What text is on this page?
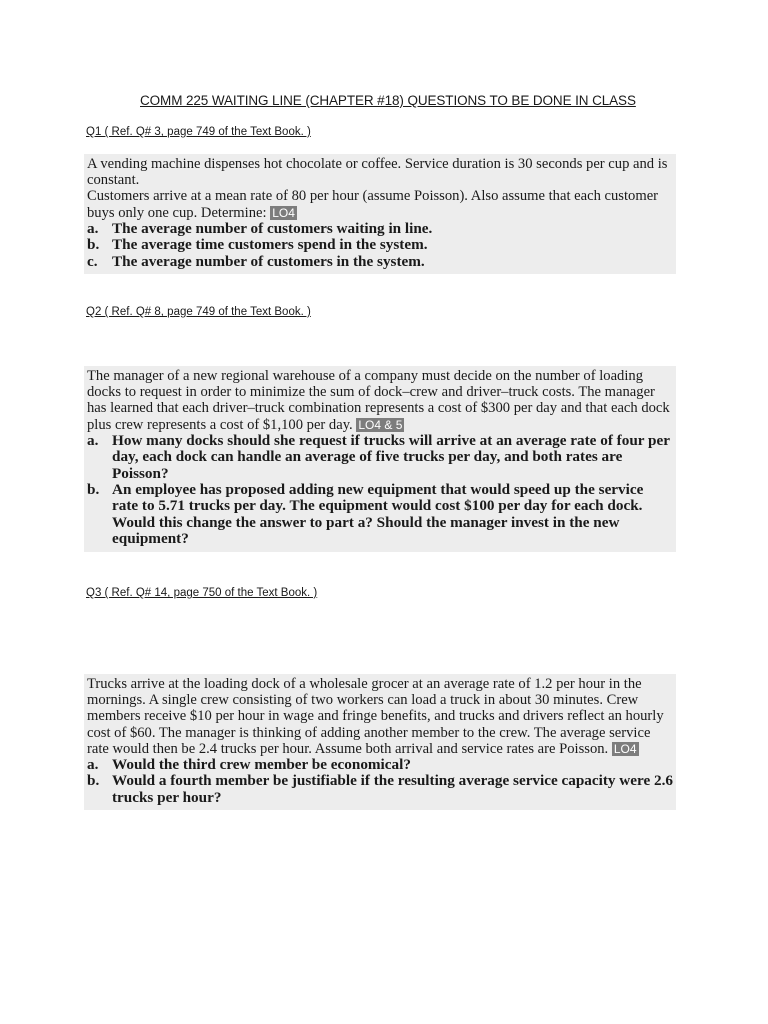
COMM 225 WAITING LINE (CHAPTER #18) QUESTIONS TO BE DONE IN CLASS
Q1 ( Ref. Q# 3, page 749 of the Text Book. )

A vending machine dispenses hot chocolate or coffee. Service duration is 30 seconds per cup and is constant.

Customers arrive at a mean rate of 80 per hour (assume Poisson). Also assume that each customer buys only one cup. Determine: LO4

a. The average number of customers waiting in line.
b. The average time customers spend in the system.
c. The average number of customers in the system.
Q2 ( Ref. Q# 8, page 749 of the Text Book. )

The manager of a new regional warehouse of a company must decide on the number of loading docks to request in order to minimize the sum of dock–crew and driver–truck costs. The manager has learned that each driver–truck combination represents a cost of $300 per day and that each dock plus crew represents a cost of $1,100 per day. LO4 & 5

a. How many docks should she request if trucks will arrive at an average rate of four per day, each dock can handle an average of five trucks per day, and both rates are Poisson?
b. An employee has proposed adding new equipment that would speed up the service rate to 5.71 trucks per day. The equipment would cost $100 per day for each dock. Would this change the answer to part a? Should the manager invest in the new equipment?
Q3 ( Ref. Q# 14, page 750 of the Text Book. )

Trucks arrive at the loading dock of a wholesale grocer at an average rate of 1.2 per hour in the mornings. A single crew consisting of two workers can load a truck in about 30 minutes. Crew members receive $10 per hour in wage and fringe benefits, and trucks and drivers reflect an hourly cost of $60. The manager is thinking of adding another member to the crew. The average service rate would then be 2.4 trucks per hour. Assume both arrival and service rates are Poisson. LO4

a. Would the third crew member be economical?
b. Would a fourth member be justifiable if the resulting average service capacity were 2.6 trucks per hour?
